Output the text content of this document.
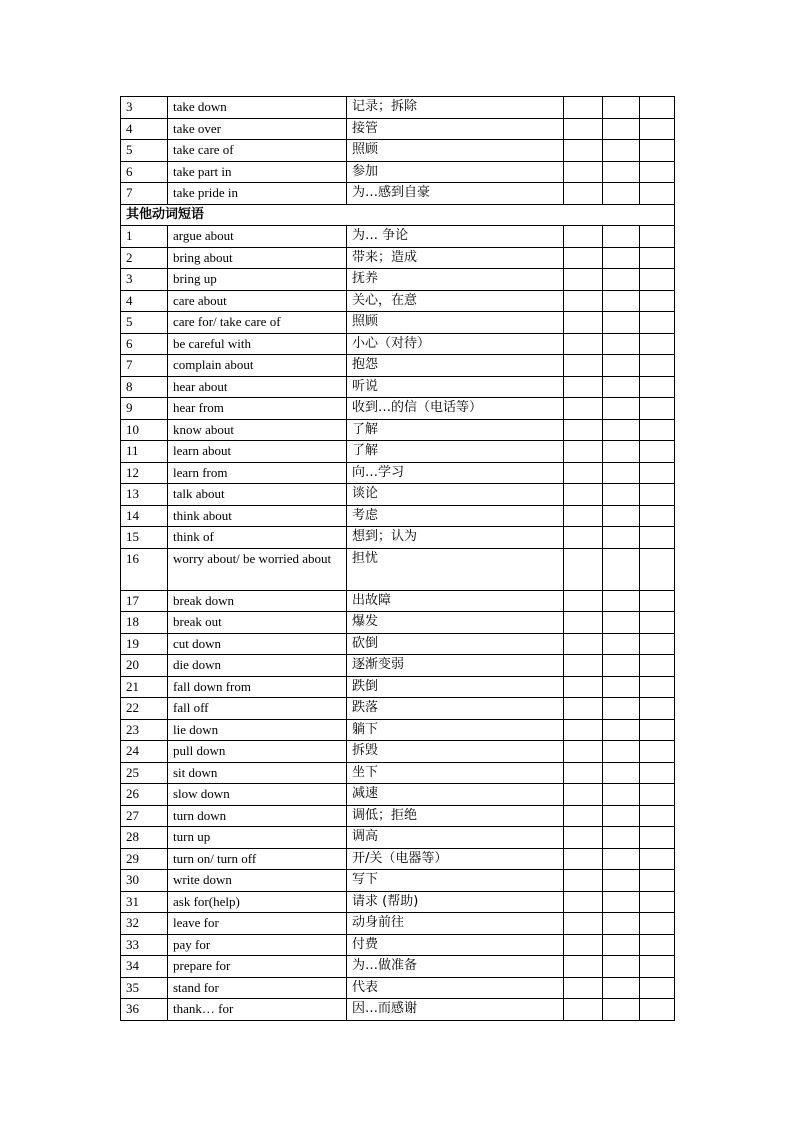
3	take down	记录；拆除			
4	take over	接管			
5	take care of	照顾			
6	take part in	参加			
7	take pride in	为…感到自豪			
其他动词短语					
1	argue about	为… 争论			
2	bring about	带来；造成			
3	bring up	抚养			
4	care about	关心，在意			
5	care for/ take care of	照顾			
6	be careful with	小心（对待）			
7	complain about	抱怨			
8	hear about	听说			
9	hear from	收到…的信（电话等）			
10	know about	了解			
11	learn about	了解			
12	learn from	向…学习			
13	talk about	谈论			
14	think about	考虑			
15	think of	想到；认为			
16	worry about/ be worried about	担忧			
17	break down	出故障			
18	break out	爆发			
19	cut down	砍倒			
20	die down	逐渐变弱			
21	fall down from	跌倒			
22	fall off	跌落			
23	lie down	躺下			
24	pull down	拆毁			
25	sit down	坐下			
26	slow down	减速			
27	turn down	调低；拒绝			
28	turn up	调高			
29	turn on/ turn off	开/关（电器等）			
30	write down	写下			
31	ask for(help)	请求 (帮助)			
32	leave for	动身前往			
33	pay for	付费			
34	prepare for	为…做准备			
35	stand for	代表			
36	thank… for	因…而感谢			
